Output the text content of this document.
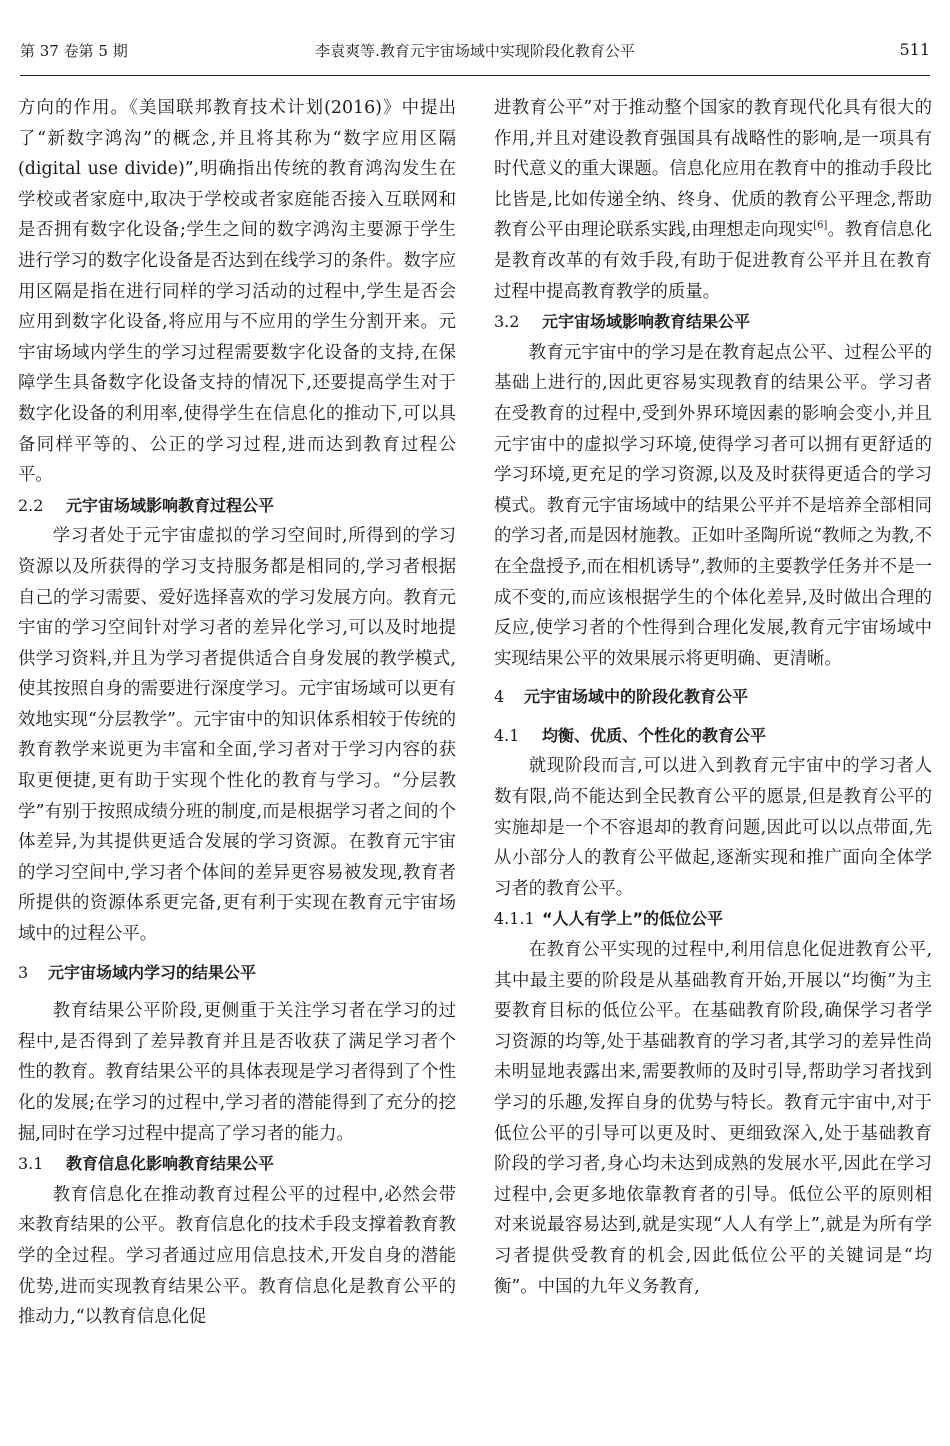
第 37 卷第 5 期	李袁爽等.教育元宇宙场域中实现阶段化教育公平	511

方向的作用。《美国联邦教育技术计划(2016)》中提出了“新数字鸿沟”的概念,并且将其称为“数字应用区隔(digital use divide)”,明确指出传统的教育鸿沟发生在学校或者家庭中,取决于学校或者家庭能否接入互联网和是否拥有数字化设备;学生之间的数字鸿沟主要源于学生进行学习的数字化设备是否达到在线学习的条件。数字应用区隔是指在进行同样的学习活动的过程中,学生是否会应用到数字化设备,将应用与不应用的学生分割开来。元宇宙场域内学生的学习过程需要数字化设备的支持,在保障学生具备数字化设备支持的情况下,还要提高学生对于数字化设备的利用率,使得学生在信息化的推动下,可以具备同样平等的、公正的学习过程,进而达到教育过程公平。

2.2 元宇宙场域影响教育过程公平

学习者处于元宇宙虚拟的学习空间时,所得到的学习资源以及所获得的学习支持服务都是相同的,学习者根据自己的学习需要、爱好选择喜欢的学习发展方向。教育元宇宙的学习空间针对学习者的差异化学习,可以及时地提供学习资料,并且为学习者提供适合自身发展的教学模式,使其按照自身的需要进行深度学习。元宇宙场域可以更有效地实现“分层教学”。元宇宙中的知识体系相较于传统的教育教学来说更为丰富和全面,学习者对于学习内容的获取更便捷,更有助于实现个性化的教育与学习。“分层教学”有别于按照成绩分班的制度,而是根据学习者之间的个体差异,为其提供更适合发展的学习资源。在教育元宇宙的学习空间中,学习者个体间的差异更容易被发现,教育者所提供的资源体系更完备,更有利于实现在教育元宇宙场域中的过程公平。

3 元宇宙场域内学习的结果公平

教育结果公平阶段,更侧重于关注学习者在学习的过程中,是否得到了差异教育并且是否收获了满足学习者个性的教育。教育结果公平的具体表现是学习者得到了个性化的发展;在学习的过程中,学习者的潜能得到了充分的挖掘,同时在学习过程中提高了学习者的能力。

3.1 教育信息化影响教育结果公平

教育信息化在推动教育过程公平的过程中,必然会带来教育结果的公平。教育信息化的技术手段支撑着教育教学的全过程。学习者通过应用信息技术,开发自身的潜能优势,进而实现教育结果公平。教育信息化是教育公平的推动力,“以教育信息化促

进教育公平”对于推动整个国家的教育现代化具有很大的作用,并且对建设教育强国具有战略性的影响,是一项具有时代意义的重大课题。信息化应用在教育中的推动手段比比皆是,比如传递全纳、终身、优质的教育公平理念,帮助教育公平由理论联系实践,由理想走向现实[6]。教育信息化是教育改革的有效手段,有助于促进教育公平并且在教育过程中提高教育教学的质量。

3.2 元宇宙场域影响教育结果公平

教育元宇宙中的学习是在教育起点公平、过程公平的基础上进行的,因此更容易实现教育的结果公平。学习者在受教育的过程中,受到外界环境因素的影响会变小,并且元宇宙中的虚拟学习环境,使得学习者可以拥有更舒适的学习环境,更充足的学习资源,以及及时获得更适合的学习模式。教育元宇宙场域中的结果公平并不是培养全部相同的学习者,而是因材施教。正如叶圣陶所说“教师之为教,不在全盘授予,而在相机诱导”,教师的主要教学任务并不是一成不变的,而应该根据学生的个体化差异,及时做出合理的反应,使学习者的个性得到合理化发展,教育元宇宙场域中实现结果公平的效果展示将更明确、更清晰。

4 元宇宙场域中的阶段化教育公平
4.1 均衡、优质、个性化的教育公平

就现阶段而言,可以进入到教育元宇宙中的学习者人数有限,尚不能达到全民教育公平的愿景,但是教育公平的实施却是一个不容退却的教育问题,因此可以以点带面,先从小部分人的教育公平做起,逐渐实现和推广面向全体学习者的教育公平。

4.1.1 “人人有学上”的低位公平

在教育公平实现的过程中,利用信息化促进教育公平,其中最主要的阶段是从基础教育开始,开展以“均衡”为主要教育目标的低位公平。在基础教育阶段,确保学习者学习资源的均等,处于基础教育的学习者,其学习的差异性尚未明显地表露出来,需要教师的及时引导,帮助学习者找到学习的乐趣,发挥自身的优势与特长。教育元宇宙中,对于低位公平的引导可以更及时、更细致深入,处于基础教育阶段的学习者,身心均未达到成熟的发展水平,因此在学习过程中,会更多地依靠教育者的引导。低位公平的原则相对来说最容易达到,就是实现“人人有学上”,就是为所有学习者提供受教育的机会,因此低位公平的关键词是“均衡”。中国的九年义务教育,
